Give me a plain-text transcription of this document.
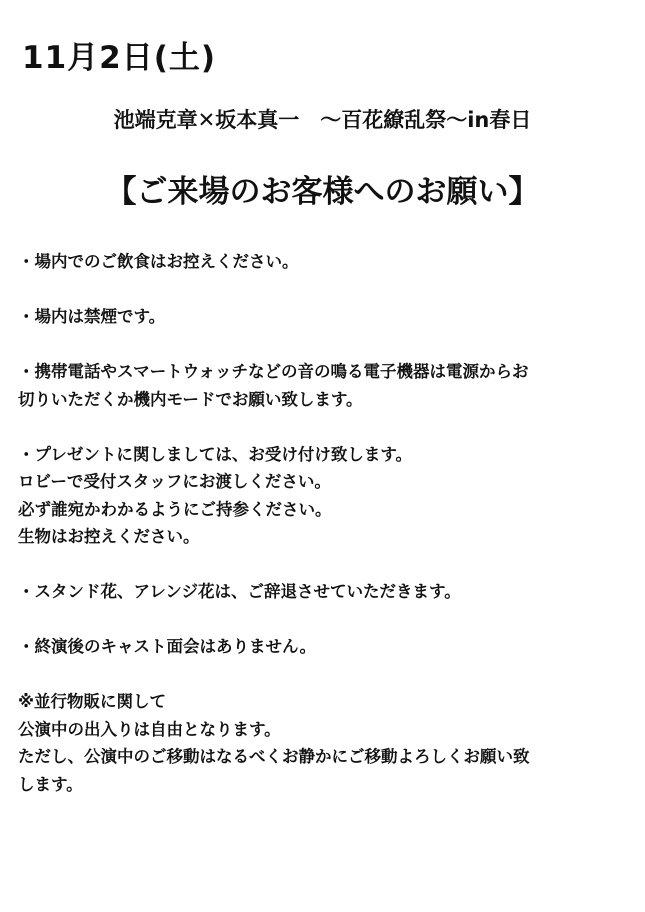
11月2日(土)
池端克章✕坂本真一　～百花繚乱祭～in春日
【ご来場のお客様へのお願い】
・場内でのご飲食はお控えください。
・場内は禁煙です。
・携帯電話やスマートウォッチなどの音の鳴る電子機器は電源からお
切りいただくか機内モードでお願い致します。
・プレゼントに関しましては、お受け付け致します。
ロビーで受付スタッフにお渡しください。
必ず誰宛かわかるようにご持参ください。
生物はお控えください。
・スタンド花、アレンジ花は、ご辞退させていただきます。
・終演後のキャスト面会はありません。
※並行物販に関して
公演中の出入りは自由となります。
ただし、公演中のご移動はなるべくお静かにご移動よろしくお願い致
します。
